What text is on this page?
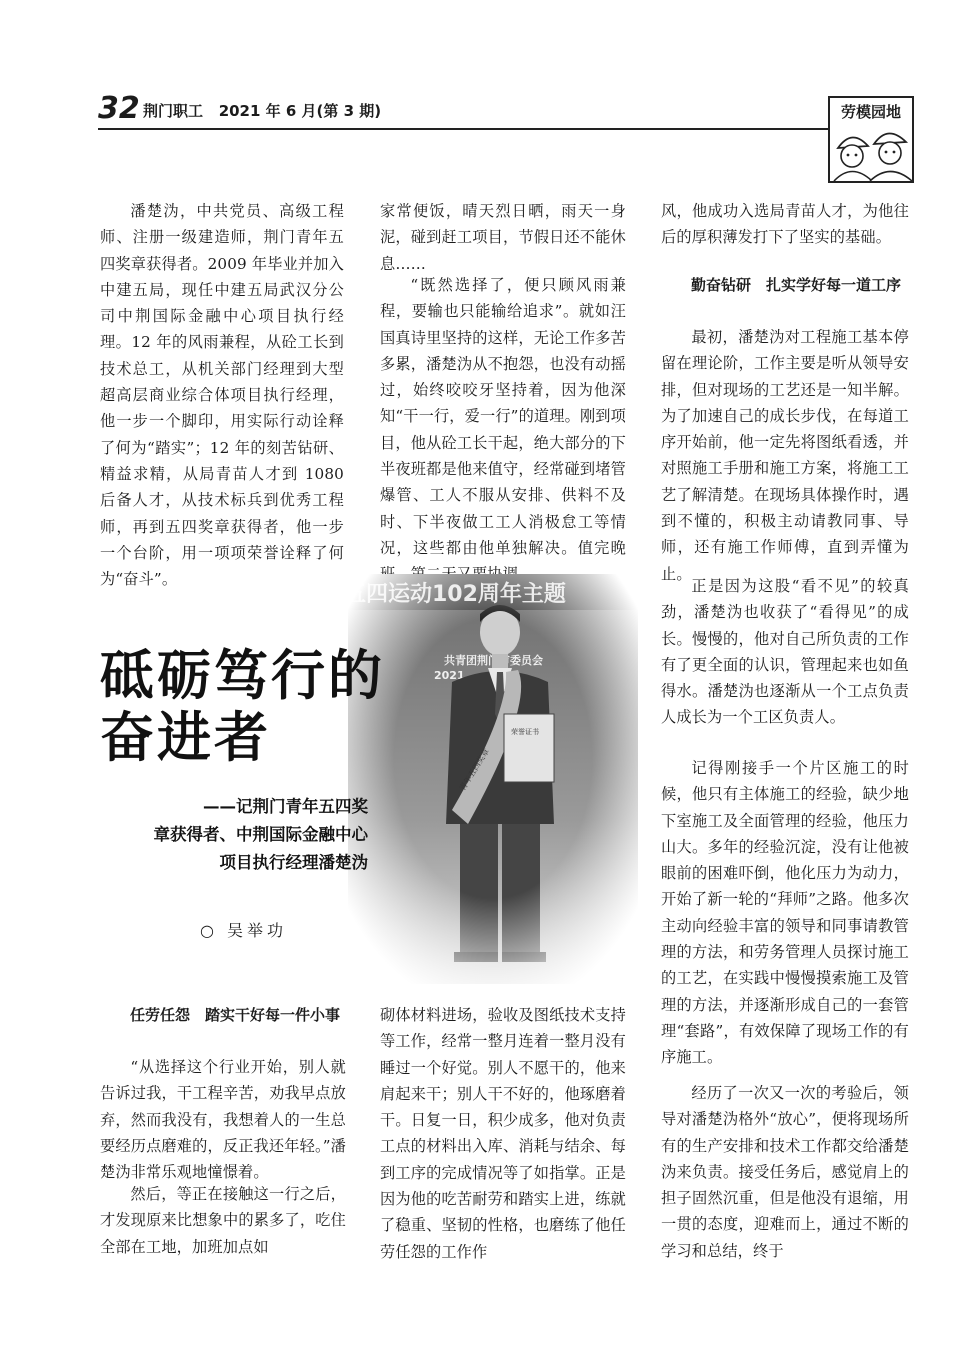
32 荆门职工 2021 年 6 月(第 3 期)	劳模园地

潘楚沩，中共党员、高级工程师、注册一级建造师，荆门青年五四奖章获得者。2009 年毕业并加入中建五局，现任中建五局武汉分公司中荆国际金融中心项目执行经理。12 年的风雨兼程，从砼工长到技术总工，从机关部门经理到大型超高层商业综合体项目执行经理，他一步一个脚印，用实际行动诠释了何为“踏实”；12 年的刻苦钻研、精益求精，从局青苗人才到 1080 后备人才，从技术标兵到优秀工程师，再到五四奖章获得者，他一步一个台阶，用一项项荣誉诠释了何为“奋斗”。

家常便饭，晴天烈日晒，雨天一身泥，碰到赶工项目，节假日还不能休息……

“既然选择了，便只顾风雨兼程，要输也只能输给追求”。就如汪国真诗里坚持的这样，无论工作多苦多累，潘楚沩从不抱怨，也没有动摇过，始终咬咬牙坚持着，因为他深知“干一行，爱一行”的道理。刚到项目，他从砼工长干起，绝大部分的下半夜班都是他来值守，经常碰到堵管爆管、工人不服从安排、供料不及时、下半夜做工工人消极怠工等情况，这些都由他单独解决。值完晚

砥砺笃行的
奋进者
——记荆门青年五四奖
章获得者、中荆国际金融中心
项目执行经理潘楚沩
○ 吴举功

任劳任怨　踏实干好每一件小事

“从选择这个行业开始，别人就告诉过我，干工程辛苦，劝我早点放弃，然而我没有，我想着人的一生总要经历点磨难的，反正我还年轻。”潘楚沩非常乐观地憧憬着。

然后，等正在接触这一行之后，才发现原来比想象中的累多了，吃住全部在工地，加班加点如

砌体材料进场，验收及图纸技术支持等工作，经常一整月连着一整月没有睡过一个好觉。别人不愿干的，他来肩起来干；别人干不好的，他琢磨着干。日复一日，积少成多，他对负责工点的材料出入库、消耗与结余、每到工序的完成情况等了如指掌。正是因为他的吃苦耐劳和踏实上进，练就了稳重、坚韧的性格，也磨练了他任劳任怨的工作作

风，他成功入选局青苗人才，为他往后的厚积薄发打下了坚实的基础。

勤奋钻研　扎实学好每一道工序

最初，潘楚沩对工程施工基本停留在理论阶，工作主要是听从领导安排，但对现场的工艺还是一知半解。为了加速自己的成长步伐，在每道工序开始前，他一定先将图纸看透，并对照施工手册和施工方案，将施工工艺了解清楚。在现场具体操作时，遇到不懂的，积极主动请教同事、导师，还有施工作师傅，直到弄懂为止。

正是因为这股“看不见”的较真劲，潘楚沩也收获了“看得见”的成长。慢慢的，他对自己所负责的工作有了更全面的认识，管理起来也如鱼得水。潘楚沩也逐渐从一个工点负责人成长为一个工区负责人。

记得刚接手一个片区施工的时候，他只有主体施工的经验，缺少地下室施工及全面管理的经验，他压力山大。多年的经验沉淀，没有让他被眼前的困难吓倒，他化压力为动力，开始了新一轮的“拜师”之路。他多次主动向经验丰富的领导和同事请教管理的方法，和劳务管理人员探讨施工的工艺，在实践中慢慢摸索施工及管理的方法，并逐渐形成自己的一套管理“套路”，有效保障了现场工作的有序施工。

经历了一次又一次的考验后，领导对潘楚沩格外“放心”，便将现场所有的生产安排和技术工作都交给潘楚沩来负责。接受任务后，感觉肩上的担子固然沉重，但是他没有退缩，用一贯的态度，迎难而上，通过不断的学习和总结，终于
